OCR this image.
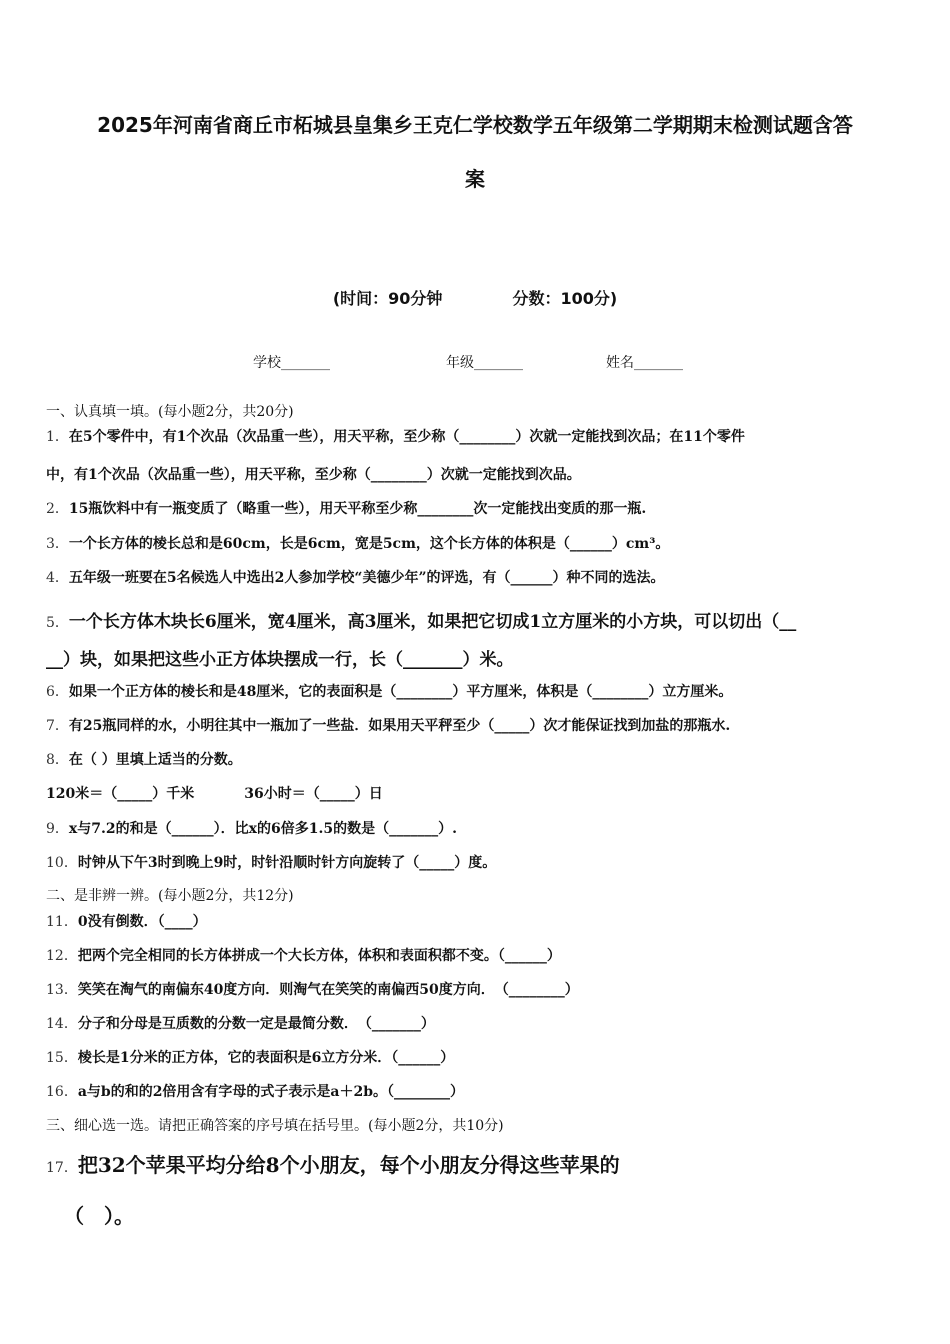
2025年河南省商丘市柘城县皇集乡王克仁学校数学五年级第二学期期末检测试题含答
案
(时间：90分钟	分数：100分)
学校_______	年级_______	姓名_______
一、认真填一填。(每小题2分，共20分)
1．在5个零件中，有1个次品（次品重一些），用天平称，至少称（________）次就一定能找到次品；在11个零件
中，有1个次品（次品重一些），用天平称，至少称（________）次就一定能找到次品。
2．15瓶饮料中有一瓶变质了（略重一些），用天平称至少称________次一定能找出变质的那一瓶.
3．一个长方体的棱长总和是60cm，长是6cm，宽是5cm，这个长方体的体积是（______）cm³。
4．五年级一班要在5名候选人中选出2人参加学校“美德少年”的评选，有（______）种不同的选法。
5．一个长方体木块长6厘米，宽4厘米，高3厘米，如果把它切成1立方厘米的小方块，可以切出（__
__）块，如果把这些小正方体块摆成一行，长（_______）米。
6．如果一个正方体的棱长和是48厘米，它的表面积是（________）平方厘米，体积是（________）立方厘米。
7．有25瓶同样的水，小明往其中一瓶加了一些盐．如果用天平秤至少（_____）次才能保证找到加盐的那瓶水.
8．在（ ）里填上适当的分数。
120米＝（_____）千米	36小时＝（_____）日
9．x与7.2的和是（______）．比x的6倍多1.5的数是（_______）.
10．时钟从下午3时到晚上9时，时针沿顺时针方向旋转了（_____）度。
二、是非辨一辨。(每小题2分，共12分)
11．0没有倒数．（____）
12．把两个完全相同的长方体拼成一个大长方体，体积和表面积都不变。（______）
13．笑笑在淘气的南偏东40度方向．则淘气在笑笑的南偏西50度方向．　（________）
14．分子和分母是互质数的分数一定是最简分数．　（_______）
15．棱长是1分米的正方体，它的表面积是6立方分米．（______）
16．a与b的和的2倍用含有字母的式子表示是a＋2b。（________）
三、细心选一选。请把正确答案的序号填在括号里。(每小题2分，共10分)
17．把32个苹果平均分给8个小朋友，每个小朋友分得这些苹果的
（　）。
